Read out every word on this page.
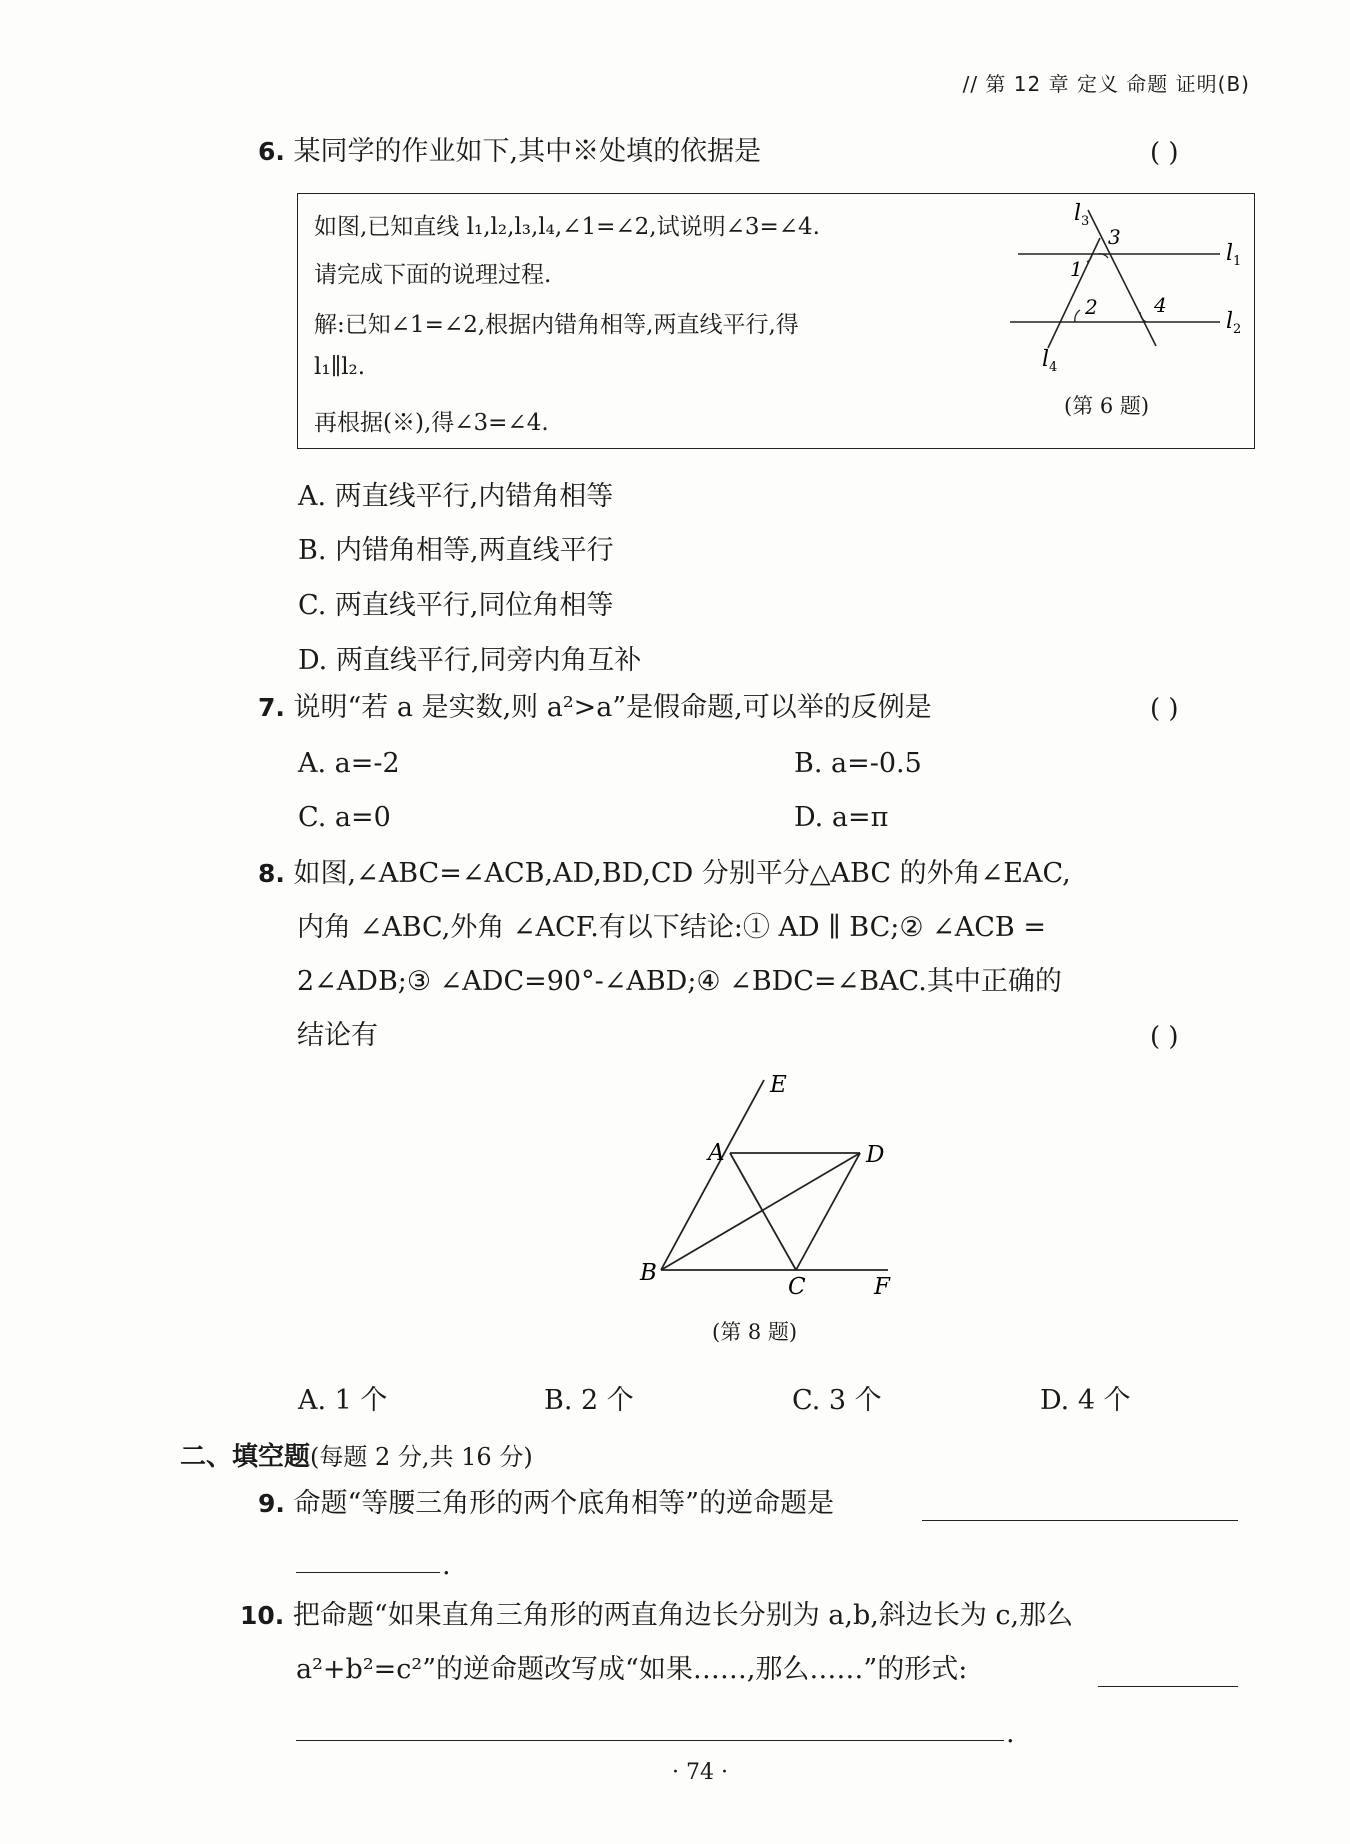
// 第 12 章 定义 命题 证明(B)
6. 某同学的作业如下,其中※处填的依据是	( )
如图,已知直线 l₁,l₂,l₃,l₄,∠1=∠2,试说明∠3=∠4.
请完成下面的说理过程.
解:已知∠1=∠2,根据内错角相等,两直线平行,得
l₁∥l₂.
再根据(※),得∠3=∠4.
$l_3$
$l_1$
$l_2$
$l_4$
3
1
2	4
(第 6 题)
A. 两直线平行,内错角相等
B. 内错角相等,两直线平行
C. 两直线平行,同位角相等
D. 两直线平行,同旁内角互补
7. 说明“若 a 是实数,则 a²>a”是假命题,可以举的反例是	( )
A. a=-2	B. a=-0.5
C. a=0	D. a=π
8. 如图,∠ABC=∠ACB,AD,BD,CD 分别平分△ABC 的外角∠EAC,
内角 ∠ABC,外角 ∠ACF.有以下结论:① AD ∥ BC;② ∠ACB =
2∠ADB;③ ∠ADC=90°-∠ABD;④ ∠BDC=∠BAC.其中正确的
结论有	( )
E
A	D
B
C	F
(第 8 题)
A. 1 个	B. 2 个	C. 3 个	D. 4 个
二、填空题(每题 2 分,共 16 分)
9. 命题“等腰三角形的两个底角相等”的逆命题是
.
10. 把命题“如果直角三角形的两直角边长分别为 a,b,斜边长为 c,那么
a²+b²=c²”的逆命题改写成“如果……,那么……”的形式:
.
· 74 ·
